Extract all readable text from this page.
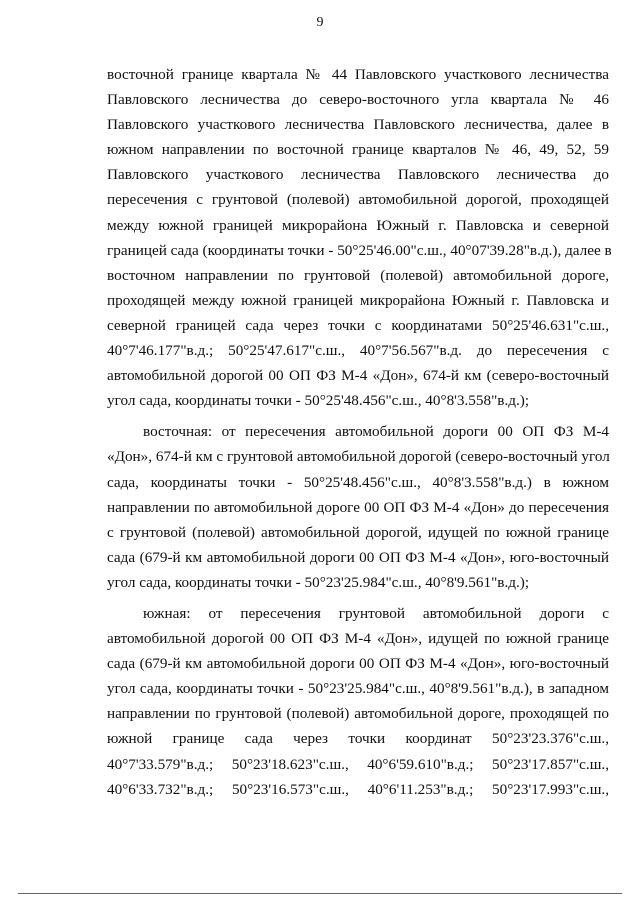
9
восточной границе квартала № 44 Павловского участкового лесничества
Павловского лесничества до северо-восточного угла квартала № 46
Павловского участкового лесничества Павловского лесничества, далее в
южном направлении по восточной границе кварталов № 46, 49, 52, 59
Павловского участкового лесничества Павловского лесничества до
пересечения с грунтовой (полевой) автомобильной дорогой, проходящей
между южной границей микрорайона Южный г. Павловска и северной
границей сада (координаты точки - 50°25'46.00"с.ш., 40°07'39.28"в.д.), далее в
восточном направлении по грунтовой (полевой) автомобильной дороге,
проходящей между южной границей микрорайона Южный г. Павловска и
северной границей сада через точки с координатами 50°25'46.631"с.ш.,
40°7'46.177"в.д.; 50°25'47.617"с.ш., 40°7'56.567"в.д. до пересечения с
автомобильной дорогой 00 ОП ФЗ М-4 «Дон», 674-й км (северо-восточный
угол сада, координаты точки - 50°25'48.456"с.ш., 40°8'3.558"в.д.);
восточная: от пересечения автомобильной дороги 00 ОП ФЗ М-4
«Дон», 674-й км с грунтовой автомобильной дорогой (северо-восточный угол
сада, координаты точки - 50°25'48.456"с.ш., 40°8'3.558"в.д.) в южном
направлении по автомобильной дороге 00 ОП ФЗ М-4 «Дон» до пересечения
с грунтовой (полевой) автомобильной дорогой, идущей по южной границе
сада (679-й км автомобильной дороги 00 ОП ФЗ М-4 «Дон», юго-восточный
угол сада, координаты точки - 50°23'25.984"с.ш., 40°8'9.561"в.д.);
южная: от пересечения грунтовой автомобильной дороги с
автомобильной дорогой 00 ОП ФЗ М-4 «Дон», идущей по южной границе
сада (679-й км автомобильной дороги 00 ОП ФЗ М-4 «Дон», юго-восточный
угол сада, координаты точки - 50°23'25.984"с.ш., 40°8'9.561"в.д.), в западном
направлении по грунтовой (полевой) автомобильной дороге, проходящей по
южной границе сада через точки координат 50°23'23.376"с.ш.,
40°7'33.579"в.д.; 50°23'18.623"с.ш., 40°6'59.610"в.д.; 50°23'17.857"с.ш.,
40°6'33.732"в.д.; 50°23'16.573"с.ш., 40°6'11.253"в.д.; 50°23'17.993"с.ш.,
